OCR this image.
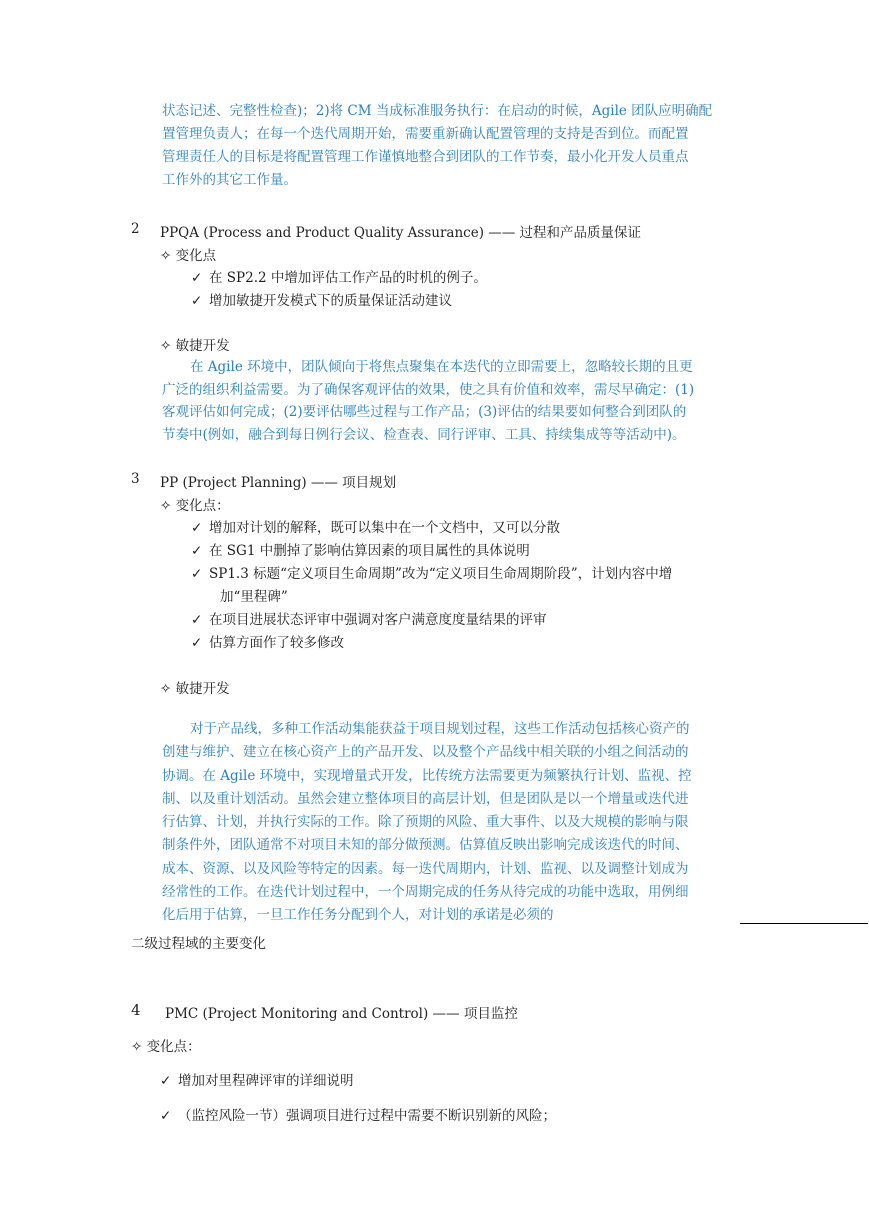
状态记述、完整性检查)；2)将 CM 当成标准服务执行：在启动的时候，Agile 团队应明确配
置管理负责人；在每一个迭代周期开始，需要重新确认配置管理的支持是否到位。而配置
管理责任人的目标是将配置管理工作谨慎地整合到团队的工作节奏，最小化开发人员重点
工作外的其它工作量。
2 PPQA (Process and Product Quality Assurance) —— 过程和产品质量保证
✧ 变化点
✓ 在 SP2.2 中增加评估工作产品的时机的例子。
✓ 增加敏捷开发模式下的质量保证活动建议
✧ 敏捷开发
在 Agile 环境中，团队倾向于将焦点聚集在本迭代的立即需要上，忽略较长期的且更
广泛的组织利益需要。为了确保客观评估的效果，使之具有价值和效率，需尽早确定：(1)
客观评估如何完成；(2)要评估哪些过程与工作产品；(3)评估的结果要如何整合到团队的
节奏中(例如，融合到每日例行会议、检查表、同行评审、工具、持续集成等等活动中)。
3 PP (Project Planning) —— 项目规划
✧ 变化点：
✓ 增加对计划的解释，既可以集中在一个文档中，又可以分散
✓ 在 SG1 中删掉了影响估算因素的项目属性的具体说明
✓ SP1.3 标题“定义项目生命周期”改为“定义项目生命周期阶段”，计划内容中增
加“里程碑”
✓ 在项目进展状态评审中强调对客户满意度度量结果的评审
✓ 估算方面作了较多修改
✧ 敏捷开发
对于产品线，多种工作活动集能获益于项目规划过程，这些工作活动包括核心资产的
创建与维护、建立在核心资产上的产品开发、以及整个产品线中相关联的小组之间活动的
协调。在 Agile 环境中，实现增量式开发，比传统方法需要更为频繁执行计划、监视、控
制、以及重计划活动。虽然会建立整体项目的高层计划，但是团队是以一个增量或迭代进
行估算、计划，并执行实际的工作。除了预期的风险、重大事件、以及大规模的影响与限
制条件外，团队通常不对项目未知的部分做预测。估算值反映出影响完成该迭代的时间、
成本、资源、以及风险等特定的因素。每一迭代周期内，计划、监视、以及调整计划成为
经常性的工作。在迭代计划过程中，一个周期完成的任务从待完成的功能中选取，用例细
化后用于估算，一旦工作任务分配到个人，对计划的承诺是必须的
二级过程域的主要变化
4 PMC (Project Monitoring and Control) —— 项目监控
✧ 变化点：
✓ 增加对里程碑评审的详细说明
✓ （监控风险一节）强调项目进行过程中需要不断识别新的风险；
